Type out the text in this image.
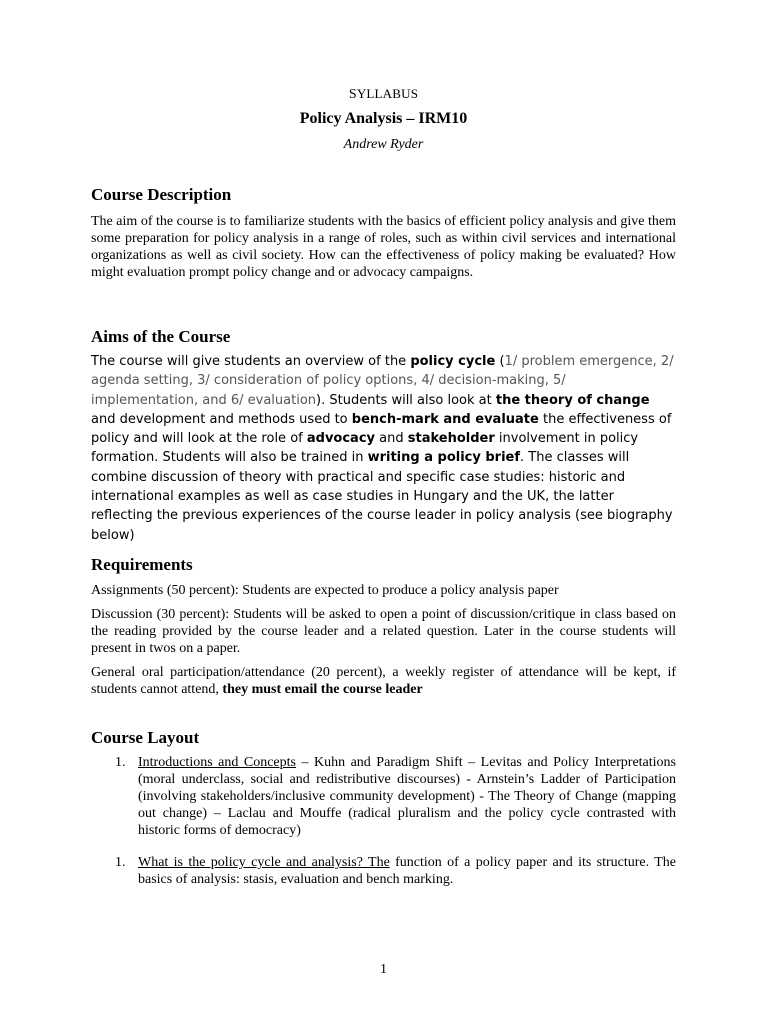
SYLLABUS
Policy Analysis – IRM10
Andrew Ryder
Course Description

The aim of the course is to familiarize students with the basics of efficient policy analysis and give them some preparation for policy analysis in a range of roles, such as within civil services and international organizations as well as civil society. How can the effectiveness of policy making be evaluated? How might evaluation prompt policy change and or advocacy campaigns.

Aims of the Course

The course will give students an overview of the policy cycle (1/ problem emergence, 2/ agenda setting, 3/ consideration of policy options, 4/ decision-making, 5/ implementation, and 6/ evaluation). Students will also look at the theory of change and development and methods used to bench-mark and evaluate the effectiveness of policy and will look at the role of advocacy and stakeholder involvement in policy formation. Students will also be trained in writing a policy brief. The classes will combine discussion of theory with practical and specific case studies: historic and international examples as well as case studies in Hungary and the UK, the latter reflecting the previous experiences of the course leader in policy analysis (see biography below)

Requirements

Assignments (50 percent): Students are expected to produce a policy analysis paper

Discussion (30 percent): Students will be asked to open a point of discussion/critique in class based on the reading provided by the course leader and a related question. Later in the course students will present in twos on a paper.

General oral participation/attendance (20 percent), a weekly register of attendance will be kept, if students cannot attend, they must email the course leader

Course Layout
1. Introductions and Concepts – Kuhn and Paradigm Shift – Levitas and Policy Interpretations (moral underclass, social and redistributive discourses) - Arnstein’s Ladder of Participation (involving stakeholders/inclusive community development) - The Theory of Change (mapping out change) – Laclau and Mouffe (radical pluralism and the policy cycle contrasted with historic forms of democracy)
1. What is the policy cycle and analysis? The function of a policy paper and its structure. The basics of analysis: stasis, evaluation and bench marking.
1
